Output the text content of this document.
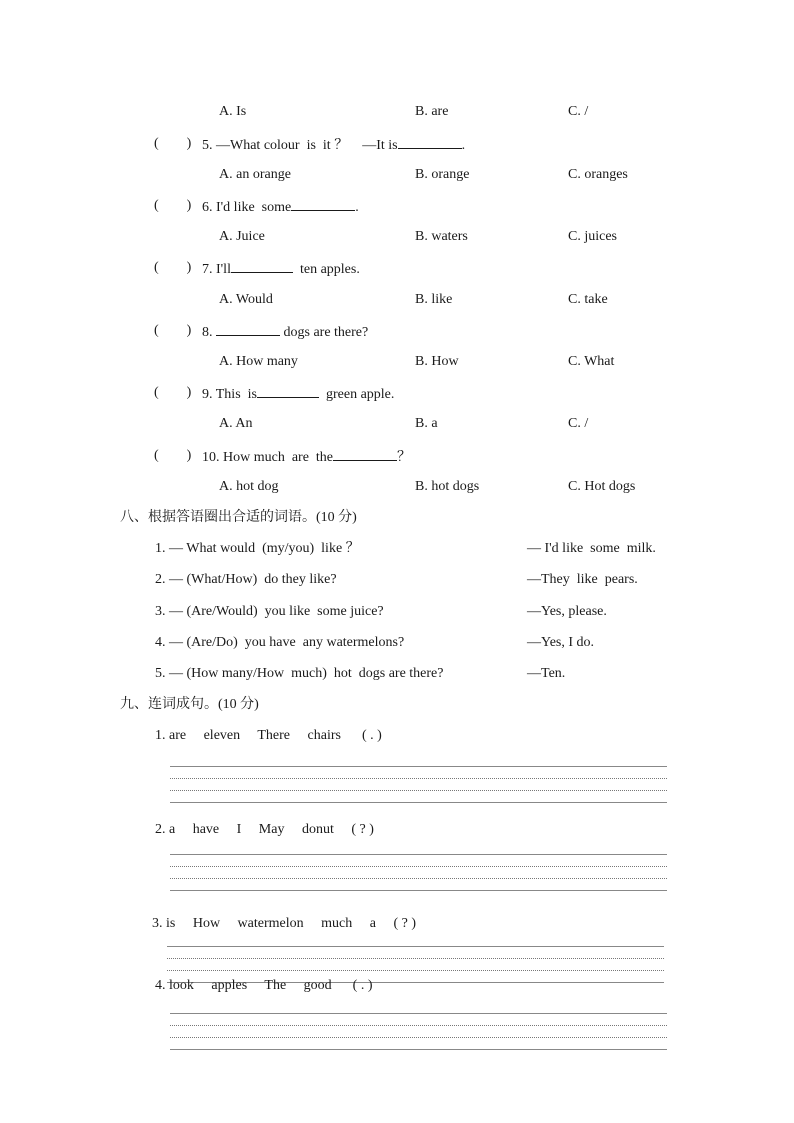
A. Is	B. are	C. /
(        ) 5. —What colour  is  it ？    —It is	.
A. an orange	B. orange	C. oranges
(        ) 6. I'd like  some	.
A. Juice	B. waters	C. juices
(        ) 7. I'll	ten apples.
A. Would	B. like	C. take
(        ) 8.	dogs are there?
A. How many	B. How	C. What
(        ) 9. This  is	green apple.
A. An	B. a	C. /
(        ) 10. How much  are  the	？
A. hot dog	B. hot dogs	C. Hot dogs
八、根据答语圈出合适的词语。(10 分)
1. — What would  (my/you)  like ？	— I'd like  some  milk.
2. — (What/How)  do they like?	—They  like  pears.
3. — (Are/Would)  you like  some juice?	—Yes, please.
4. — (Are/Do)  you have  any watermelons?	—Yes, I do.
5. — (How many/How  much)  hot  dogs are there?	—Ten.
九、连词成句。(10 分)
1. are     eleven     There     chairs      ( . )
2. a     have     I     May     donut     ( ? )
3. is     How     watermelon     much     a     ( ? )
4. look     apples     The     good      ( . )
